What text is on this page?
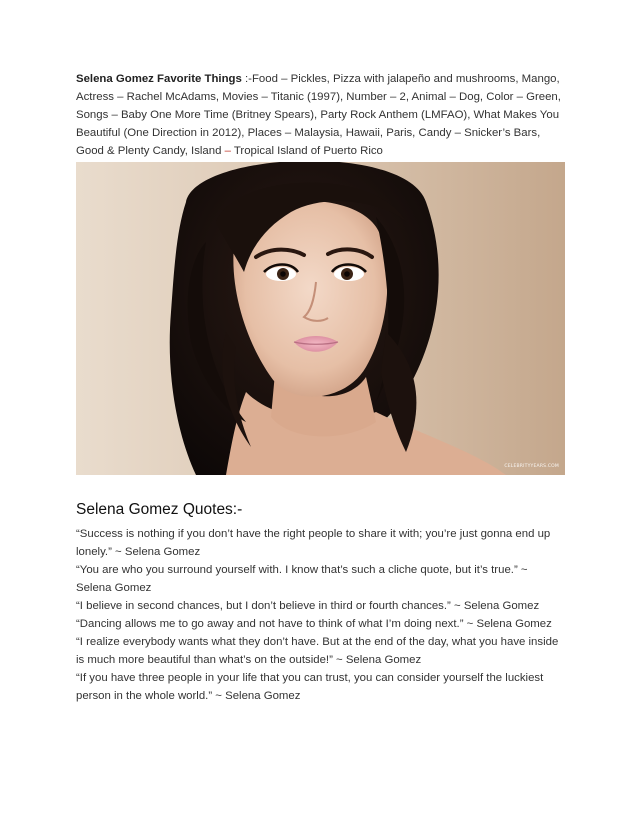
Selena Gomez Favorite Things :-Food – Pickles, Pizza with jalapeño and mushrooms, Mango, Actress – Rachel McAdams, Movies – Titanic (1997), Number – 2, Animal – Dog, Color – Green, Songs – Baby One More Time (Britney Spears), Party Rock Anthem (LMFAO), What Makes You Beautiful (One Direction in 2012), Places – Malaysia, Hawaii, Paris, Candy – Snicker’s Bars, Good & Plenty Candy, Island – Tropical Island of Puerto Rico

CELEBRITYYEARS.COM
Selena Gomez Quotes:-
“Success is nothing if you don’t have the right people to share it with; you’re just gonna end up lonely.” ~ Selena Gomez
“You are who you surround yourself with. I know that’s such a cliche quote, but it’s true.” ~ Selena Gomez
“I believe in second chances, but I don’t believe in third or fourth chances.” ~ Selena Gomez
“Dancing allows me to go away and not have to think of what I’m doing next.” ~ Selena Gomez
“I realize everybody wants what they don’t have. But at the end of the day, what you have inside is much more beautiful than what’s on the outside!” ~ Selena Gomez
“If you have three people in your life that you can trust, you can consider yourself the luckiest person in the whole world.” ~ Selena Gomez
